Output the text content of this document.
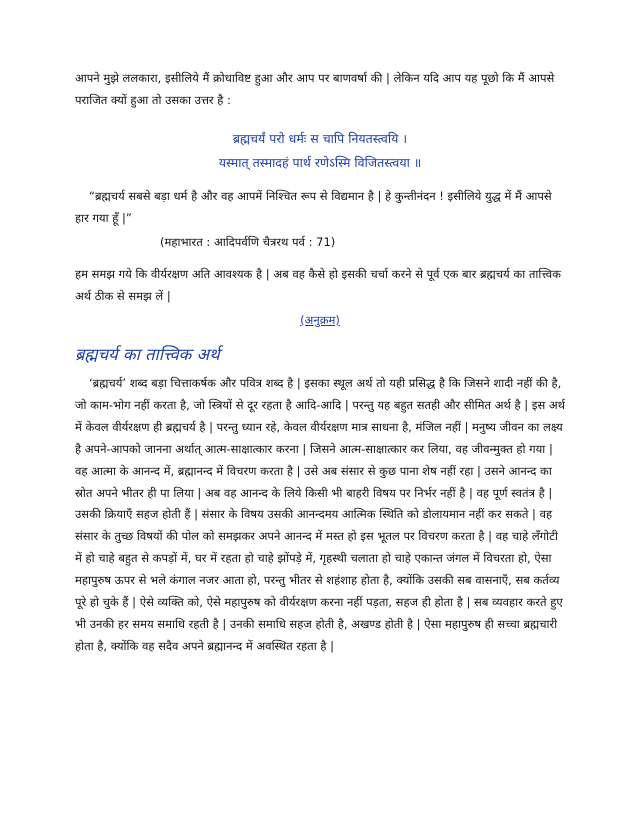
आपने मुझे ललकारा, इसीलिये मैं क्रोधाविष्ट हुआ और आप पर बाणवर्षा की | लेकिन यदि आप यह पूछो कि मैं आपसे पराजित क्यों हुआ तो उसका उत्तर है :

ब्रह्मचर्यं परो धर्मः स चापि नियतस्त्वयि ।
यस्मात् तस्मादहं पार्थ रणेऽस्मि विजितस्त्वया ॥

“ब्रह्मचर्य सबसे बड़ा धर्म है और वह आपमें निश्चित रूप से विद्यमान है | हे कुन्तीनंदन ! इसीलिये युद्ध में मैं आपसे हार गया हूँ |”

(महाभारत : आदिपर्वणि चैत्ररथ पर्व : 71)

हम समझ गये कि वीर्यरक्षण अति आवश्यक है | अब वह कैसे हो इसकी चर्चा करने से पूर्व एक बार ब्रह्मचर्य का तात्त्विक अर्थ ठीक से समझ लें |

(अनुक्रम)
ब्रह्मचर्य का तात्त्विक अर्थ

‘ब्रह्मचर्य’ शब्द बड़ा चित्ताकर्षक और पवित्र शब्द है | इसका स्थूल अर्थ तो यही प्रसिद्ध है कि जिसने शादी नहीं की है, जो काम-भोग नहीं करता है, जो स्त्रियों से दूर रहता है आदि-आदि | परन्तु यह बहुत सतही और सीमित अर्थ है | इस अर्थ में केवल वीर्यरक्षण ही ब्रह्मचर्य है | परन्तु ध्यान रहे, केवल वीर्यरक्षण मात्र साधना है, मंजिल नहीं | मनुष्य जीवन का लक्ष्य है अपने-आपको जानना अर्थात् आत्म-साक्षात्कार करना | जिसने आत्म-साक्षात्कार कर लिया, वह जीवन्मुक्त हो गया | वह आत्मा के आनन्द में, ब्रह्मानन्द में विचरण करता है | उसे अब संसार से कुछ पाना शेष नहीं रहा | उसने आनन्द का स्रोत अपने भीतर ही पा लिया | अब वह आनन्द के लिये किसी भी बाहरी विषय पर निर्भर नहीं है | वह पूर्ण स्वतंत्र है | उसकी क्रियाएँ सहज होती हैं | संसार के विषय उसकी आनन्दमय आत्मिक स्थिति को डोलायमान नहीं कर सकते | वह संसार के तुच्छ विषयों की पोल को समझकर अपने आनन्द में मस्त हो इस भूतल पर विचरण करता है | वह चाहे लँगोटी में हो चाहे बहुत से कपड़ों में, घर में रहता हो चाहे झोंपड़े में, गृहस्थी चलाता हो चाहे एकान्त जंगल में विचरता हो, ऐसा महापुरुष ऊपर से भले कंगाल नजर आता हो, परन्तु भीतर से शहंशाह होता है, क्योंकि उसकी सब वासनाएँ, सब कर्तव्य पूरे हो चुके हैं | ऐसे व्यक्ति को, ऐसे महापुरुष को वीर्यरक्षण करना नहीं पड़ता, सहज ही होता है | सब व्यवहार करते हुए भी उनकी हर समय समाधि रहती है | उनकी समाधि सहज होती है, अखण्ड होती है | ऐसा महापुरुष ही सच्चा ब्रह्मचारी होता है, क्योंकि वह सदैव अपने ब्रह्मानन्द में अवस्थित रहता है |
